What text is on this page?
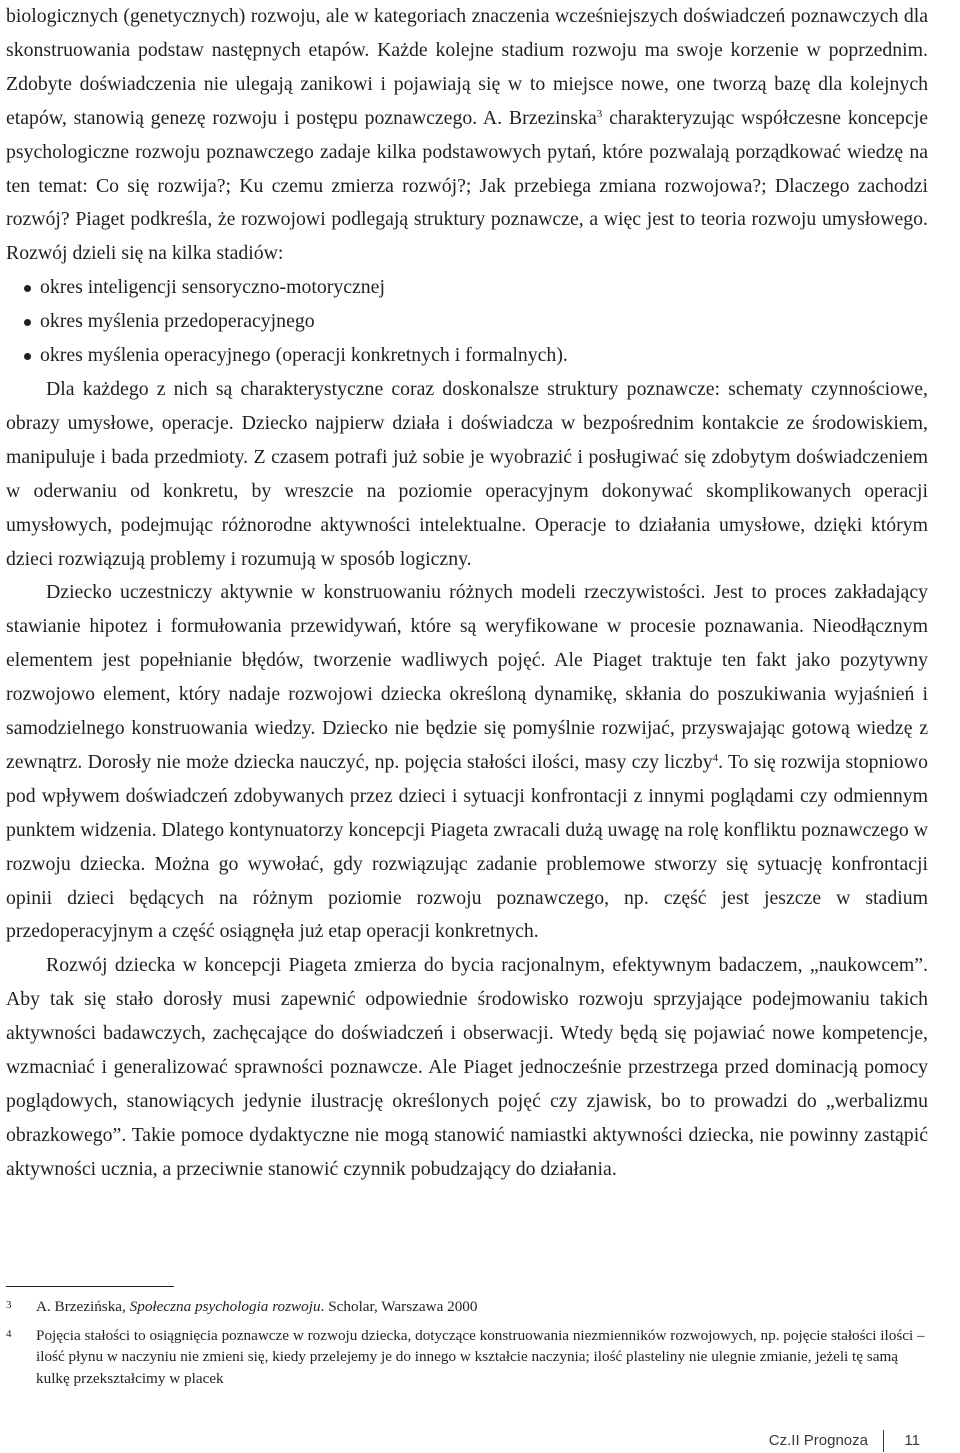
biologicznych (genetycznych) rozwoju, ale w kategoriach znaczenia wcześniejszych doświadczeń poznawczych dla skonstruowania podstaw następnych etapów. Każde kolejne stadium rozwoju ma swoje korzenie w poprzednim. Zdobyte doświadczenia nie ulegają zanikowi i pojawiają się w to miejsce nowe, one tworzą bazę dla kolejnych etapów, stanowią genezę rozwoju i postępu poznawczego. A. Brzezinska$^3$ charakteryzując współczesne koncepcje psychologiczne rozwoju poznawczego zadaje kilka podstawowych pytań, które pozwalają porządkować wiedzę na ten temat: Co się rozwija?; Ku czemu zmierza rozwój?; Jak przebiega zmiana rozwojowa?; Dlaczego zachodzi rozwój? Piaget podkreśla, że rozwojowi podlegają struktury poznawcze, a więc jest to teoria rozwoju umysłowego. Rozwój dzieli się na kilka stadiów:

okres inteligencji sensoryczno-motorycznej
okres myślenia przedoperacyjnego
okres myślenia operacyjnego (operacji konkretnych i formalnych).

Dla każdego z nich są charakterystyczne coraz doskonalsze struktury poznawcze: schematy czynnościowe, obrazy umysłowe, operacje. Dziecko najpierw działa i doświadcza w bezpośrednim kontakcie ze środowiskiem, manipuluje i bada przedmioty. Z czasem potrafi już sobie je wyobrazić i posługiwać się zdobytym doświadczeniem w oderwaniu od konkretu, by wreszcie na poziomie operacyjnym dokonywać skomplikowanych operacji umysłowych, podejmując różnorodne aktywności intelektualne. Operacje to działania umysłowe, dzięki którym dzieci rozwiązują problemy i rozumują w sposób logiczny.

Dziecko uczestniczy aktywnie w konstruowaniu różnych modeli rzeczywistości. Jest to proces zakładający stawianie hipotez i formułowania przewidywań, które są weryfikowane w procesie poznawania. Nieodłącznym elementem jest popełnianie błędów, tworzenie wadliwych pojęć. Ale Piaget traktuje ten fakt jako pozytywny rozwojowo element, który nadaje rozwojowi dziecka określoną dynamikę, skłania do poszukiwania wyjaśnień i samodzielnego konstruowania wiedzy. Dziecko nie będzie się pomyślnie rozwijać, przyswajając gotową wiedzę z zewnątrz. Dorosły nie może dziecka nauczyć, np. pojęcia stałości ilości, masy czy liczby$^4$. To się rozwija stopniowo pod wpływem doświadczeń zdobywanych przez dzieci i sytuacji konfrontacji z innymi poglądami czy odmiennym punktem widzenia. Dlatego kontynuatorzy koncepcji Piageta zwracali dużą uwagę na rolę konfliktu poznawczego w rozwoju dziecka. Można go wywołać, gdy rozwiązując zadanie problemowe stworzy się sytuację konfrontacji opinii dzieci będących na różnym poziomie rozwoju poznawczego, np. część jest jeszcze w stadium przedoperacyjnym a część osiągnęła już etap operacji konkretnych.

Rozwój dziecka w koncepcji Piageta zmierza do bycia racjonalnym, efektywnym badaczem, „naukowcem”. Aby tak się stało dorosły musi zapewnić odpowiednie środowisko rozwoju sprzyjające podejmowaniu takich aktywności badawczych, zachęcające do doświadczeń i obserwacji. Wtedy będą się pojawiać nowe kompetencje, wzmacniać i generalizować sprawności poznawcze. Ale Piaget jednocześnie przestrzega przed dominacją pomocy poglądowych, stanowiących jedynie ilustrację określonych pojęć czy zjawisk, bo to prowadzi do „werbalizmu obrazkowego”. Takie pomoce dydaktyczne nie mogą stanowić namiastki aktywności dziecka, nie powinny zastąpić aktywności ucznia, a przeciwnie stanowić czynnik pobudzający do działania.

3	A. Brzezińska, Społeczna psychologia rozwoju. Scholar, Warszawa 2000
4	Pojęcia stałości to osiągnięcia poznawcze w rozwoju dziecka, dotyczące konstruowania niezmienników rozwojowych, np. pojęcie stałości ilości – ilość płynu w naczyniu nie zmieni się, kiedy przelejemy je do innego w kształcie naczynia; ilość plasteliny nie ulegnie zmianie, jeżeli tę samą kulkę przekształcimy w placek
Cz.II Prognoza 11
